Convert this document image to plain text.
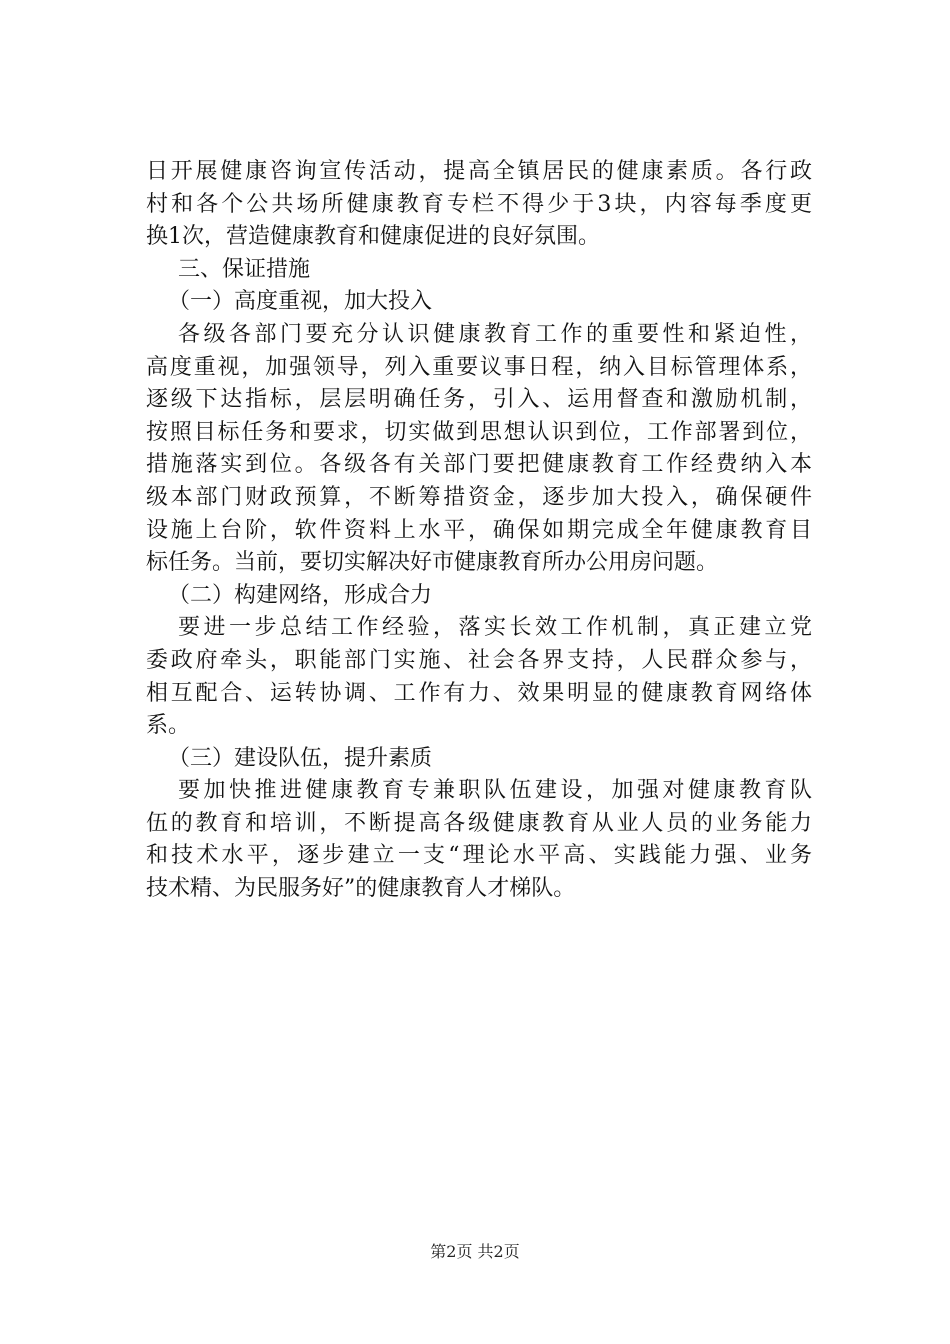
日开展健康咨询宣传活动，提高全镇居民的健康素质。各行政
村和各个公共场所健康教育专栏不得少于3块，内容每季度更
换1次，营造健康教育和健康促进的良好氛围。
三、保证措施
（一）高度重视，加大投入
各级各部门要充分认识健康教育工作的重要性和紧迫性，
高度重视，加强领导，列入重要议事日程，纳入目标管理体系，
逐级下达指标，层层明确任务，引入、运用督查和激励机制，
按照目标任务和要求，切实做到思想认识到位，工作部署到位，
措施落实到位。各级各有关部门要把健康教育工作经费纳入本
级本部门财政预算，不断筹措资金，逐步加大投入，确保硬件
设施上台阶，软件资料上水平，确保如期完成全年健康教育目
标任务。当前，要切实解决好市健康教育所办公用房问题。
（二）构建网络，形成合力
要进一步总结工作经验，落实长效工作机制，真正建立党
委政府牵头，职能部门实施、社会各界支持，人民群众参与，
相互配合、运转协调、工作有力、效果明显的健康教育网络体
系。
（三）建设队伍，提升素质
要加快推进健康教育专兼职队伍建设，加强对健康教育队
伍的教育和培训，不断提高各级健康教育从业人员的业务能力
和技术水平，逐步建立一支“理论水平高、实践能力强、业务
技术精、为民服务好”的健康教育人才梯队。
第2页 共2页
